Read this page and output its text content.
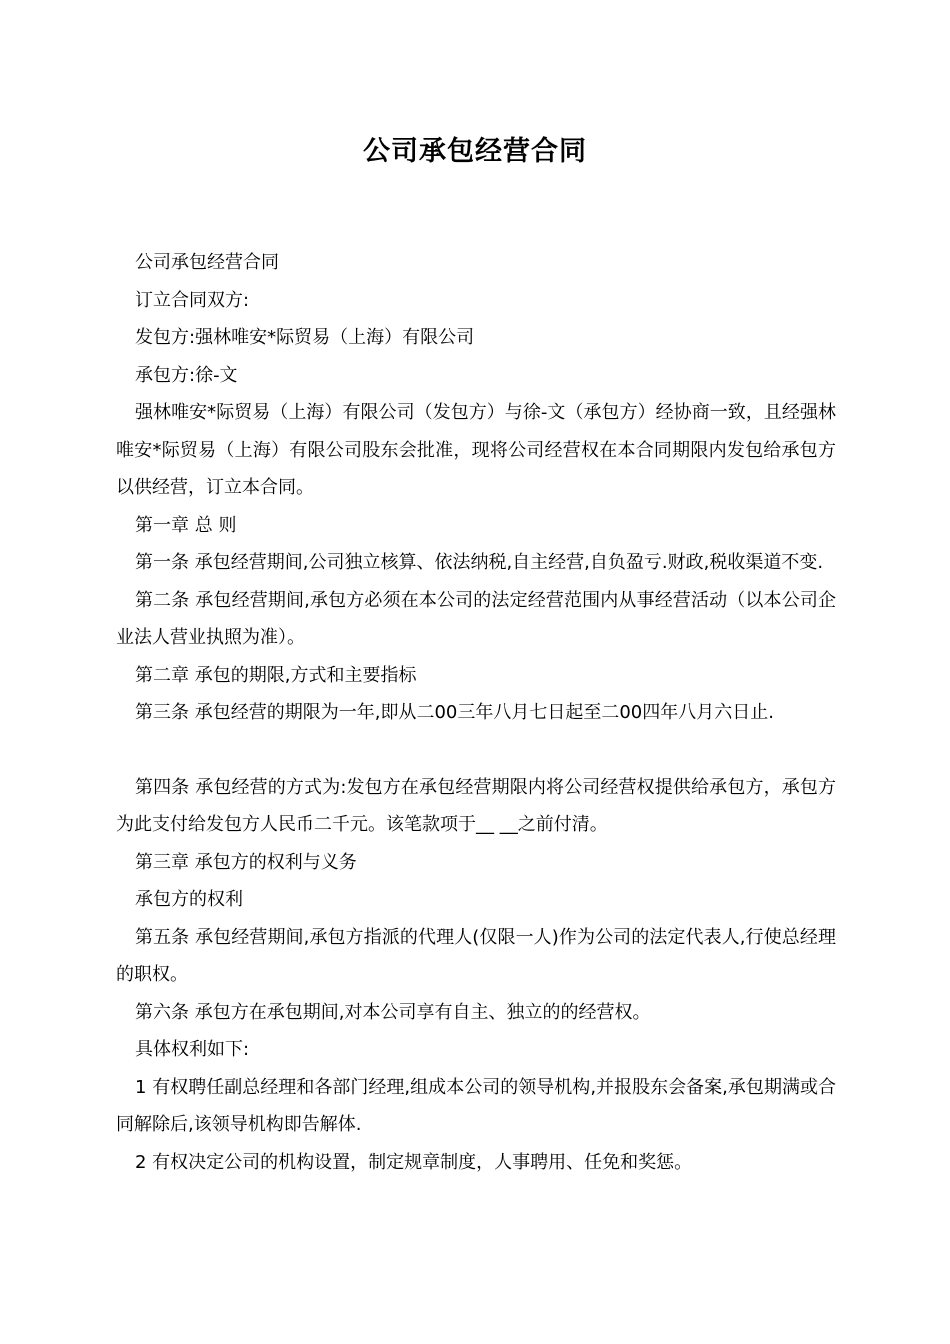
公司承包经营合同

公司承包经营合同

订立合同双方:

发包方:强林唯安*际贸易（上海）有限公司

承包方:徐-文

强林唯安*际贸易（上海）有限公司（发包方）与徐-文（承包方）经协商一致，且经强林唯安*际贸易（上海）有限公司股东会批准，现将公司经营权在本合同期限内发包给承包方以供经营，订立本合同。

第一章 总 则

第一条 承包经营期间,公司独立核算、依法纳税,自主经营,自负盈亏.财政,税收渠道不变.

第二条 承包经营期间,承包方必须在本公司的法定经营范围内从事经营活动（以本公司企业法人营业执照为准）。

第二章 承包的期限,方式和主要指标

第三条 承包经营的期限为一年,即从二00三年八月七日起至二00四年八月六日止.

第四条 承包经营的方式为:发包方在承包经营期限内将公司经营权提供给承包方，承包方为此支付给发包方人民币二千元。该笔款项于__ __之前付清。

第三章 承包方的权利与义务

承包方的权利

第五条 承包经营期间,承包方指派的代理人(仅限一人)作为公司的法定代表人,行使总经理的职权。

第六条 承包方在承包期间,对本公司享有自主、独立的的经营权。

具体权利如下:

1 有权聘任副总经理和各部门经理,组成本公司的领导机构,并报股东会备案,承包期满或合同解除后,该领导机构即告解体.

2 有权决定公司的机构设置，制定规章制度，人事聘用、任免和奖惩。
